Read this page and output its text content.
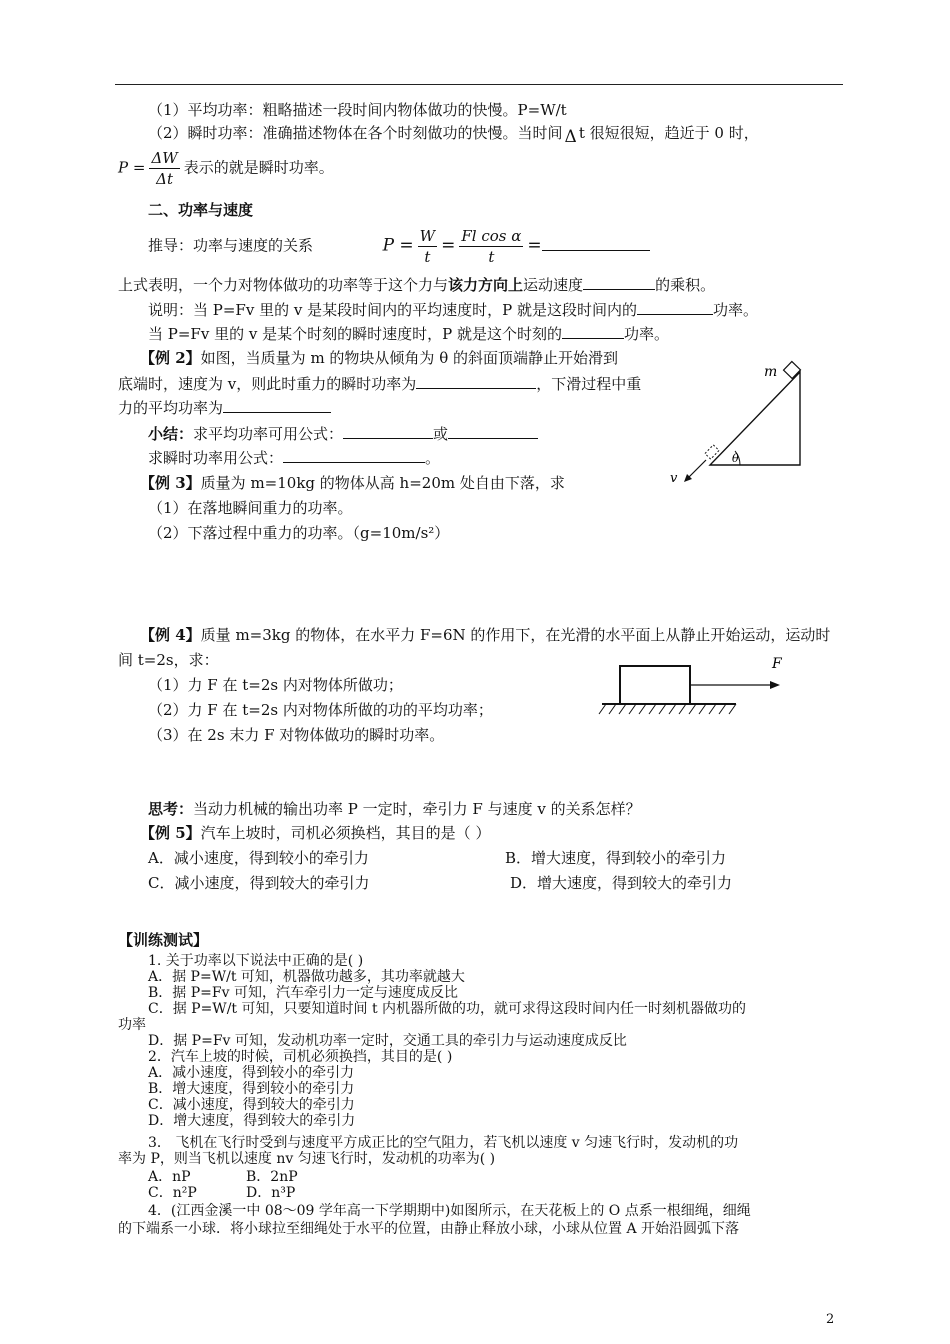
（1）平均功率：粗略描述一段时间内物体做功的快慢。P=W/t
（2）瞬时功率：准确描述物体在各个时刻做功的快慢。当时间 Δ t 很短很短，趋近于 0 时，
$P = \frac{\Delta W}{\Delta t}$ 表示的就是瞬时功率。
二、功率与速度
推导：功率与速度的关系	$P = \frac{W}{t} = \frac{\text{Fl cos α}}{t}$ =
上式表明，一个力对物体做功的功率等于这个力与该力方向上运动速度	的乘积。
说明：当 P=Fv 里的 v 是某段时间内的平均速度时，P 就是这段时间内的	功率。
当 P=Fv 里的 v 是某个时刻的瞬时速度时，P 就是这个时刻的	功率。
【例 2】如图，当质量为 m 的物块从倾角为 θ 的斜面顶端静止开始滑到
底端时，速度为 v，则此时重力的瞬时功率为	，下滑过程中重
力的平均功率为
小结：求平均功率可用公式：	或
求瞬时功率用公式：	。
m
θ
v
【例 3】质量为 m=10kg 的物体从高 h=20m 处自由下落，求
（1）在落地瞬间重力的功率。
（2）下落过程中重力的功率。（g=10m/s²）
【例 4】质量 m=3kg 的物体，在水平力 F=6N 的作用下，在光滑的水平面上从静止开始运动，运动时
间 t=2s，求：
（1）力 F 在 t=2s 内对物体所做功；
（2）力 F 在 t=2s 内对物体所做的功的平均功率；
（3）在 2s 末力 F 对物体做功的瞬时功率。
F
思考：当动力机械的输出功率 P 一定时，牵引力 F 与速度 v 的关系怎样？
【例 5】汽车上坡时，司机必须换档，其目的是（ ）
A．减小速度，得到较小的牵引力	B．增大速度，得到较小的牵引力
C．减小速度，得到较大的牵引力	D．增大速度，得到较大的牵引力
【训练测试】
1. 关于功率以下说法中正确的是( )
A．据 P=W/t 可知，机器做功越多，其功率就越大
B．据 P=Fv 可知，汽车牵引力一定与速度成反比
C．据 P=W/t 可知，只要知道时间 t 内机器所做的功，就可求得这段时间内任一时刻机器做功的
功率
D．据 P=Fv 可知，发动机功率一定时，交通工具的牵引力与运动速度成反比
2．汽车上坡的时候，司机必须换挡，其目的是( )
A．减小速度，得到较小的牵引力
B．增大速度，得到较小的牵引力
C．减小速度，得到较大的牵引力
D．增大速度，得到较大的牵引力
3． 飞机在飞行时受到与速度平方成正比的空气阻力，若飞机以速度 v 匀速飞行时，发动机的功
率为 P，则当飞机以速度 nv 匀速飞行时，发动机的功率为( )
A．nP	B．2nP
C．n²P	D．n³P
4．(江西金溪一中 08～09 学年高一下学期期中)如图所示，在天花板上的 O 点系一根细绳，细绳
的下端系一小球．将小球拉至细绳处于水平的位置，由静止释放小球，小球从位置 A 开始沿圆弧下落
2
